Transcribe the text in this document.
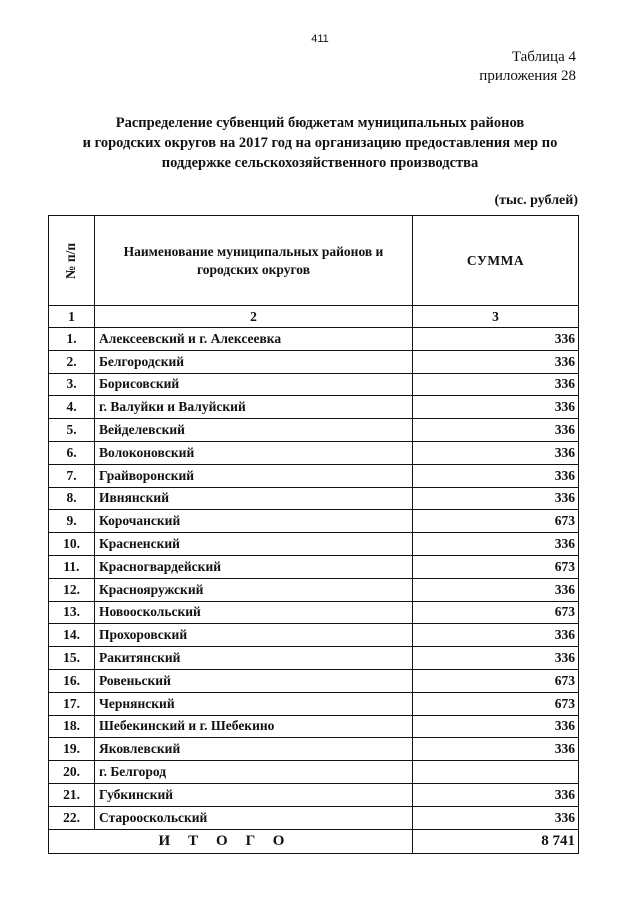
411
Таблица 4
приложения 28
Распределение субвенций бюджетам муниципальных районов
и городских округов на 2017 год на организацию предоставления мер по
поддержке сельскохозяйственного производства
(тыс. рублей)
№ п/п	Наименование муниципальных районов и городских округов	СУММА
1	2	3
1.	Алексеевский и г. Алексеевка	336
2.	Белгородский	336
3.	Борисовский	336
4.	г. Валуйки и Валуйский	336
5.	Вейделевский	336
6.	Волоконовский	336
7.	Грайворонский	336
8.	Ивнянский	336
9.	Корочанский	673
10.	Красненский	336
11.	Красногвардейский	673
12.	Краснояружский	336
13.	Новооскольский	673
14.	Прохоровский	336
15.	Ракитянский	336
16.	Ровеньский	673
17.	Чернянский	673
18.	Шебекинский и г. Шебекино	336
19.	Яковлевский	336
20.	г. Белгород	
21.	Губкинский	336
22.	Старооскольский	336
ИТОГО		8 741
